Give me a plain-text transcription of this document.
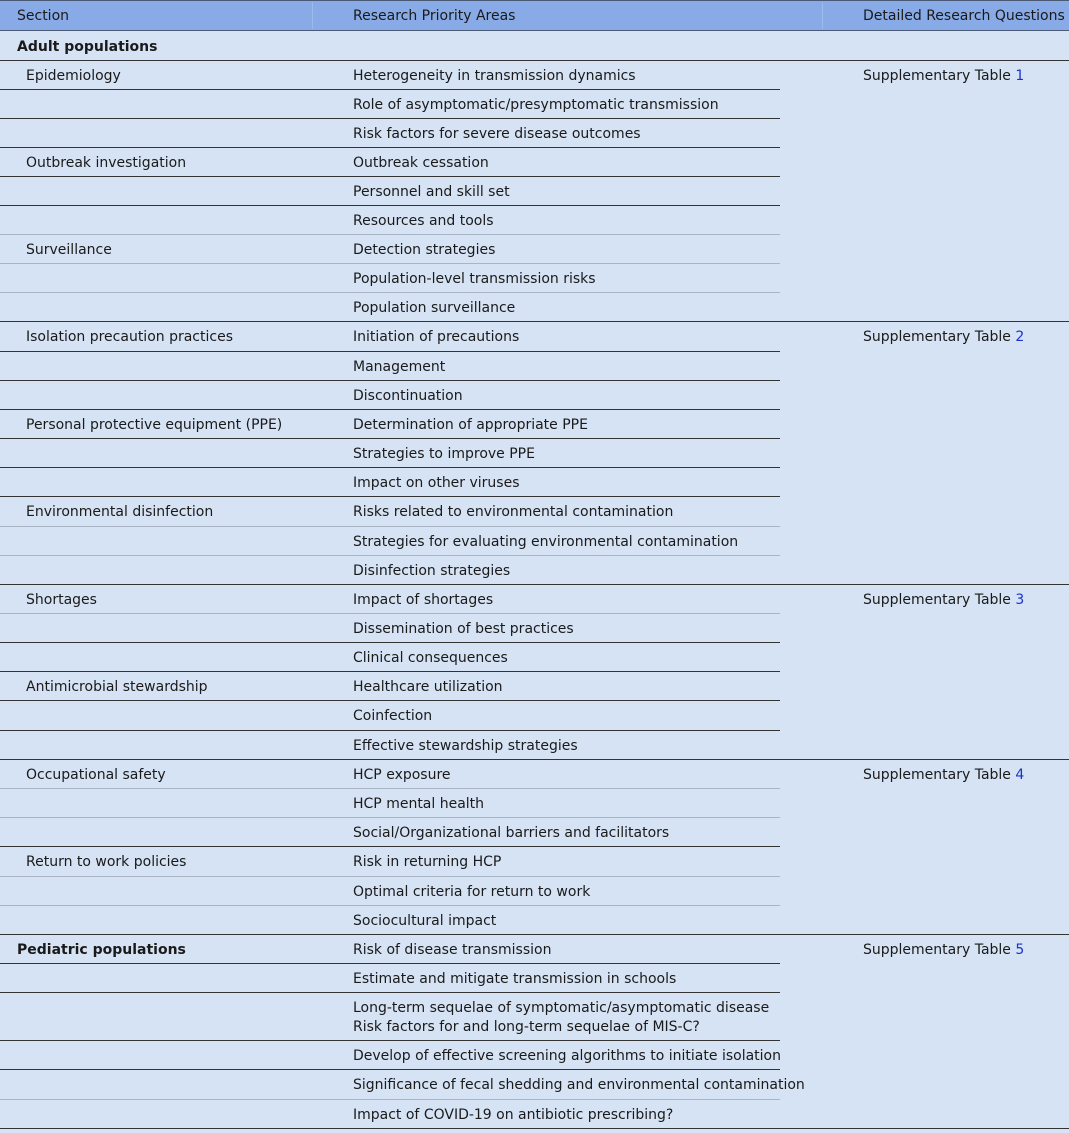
Section	Research Priority Areas	Detailed Research Questions
Adult populations
Epidemiology	Heterogeneity in transmission dynamics	Supplementary Table 1
Role of asymptomatic/presymptomatic transmission
Risk factors for severe disease outcomes
Outbreak investigation	Outbreak cessation
Personnel and skill set
Resources and tools
Surveillance	Detection strategies
Population-level transmission risks
Population surveillance
Isolation precaution practices	Initiation of precautions	Supplementary Table 2
Management
Discontinuation
Personal protective equipment (PPE)	Determination of appropriate PPE
Strategies to improve PPE
Impact on other viruses
Environmental disinfection	Risks related to environmental contamination
Strategies for evaluating environmental contamination
Disinfection strategies
Shortages	Impact of shortages	Supplementary Table 3
Dissemination of best practices
Clinical consequences
Antimicrobial stewardship	Healthcare utilization
Coinfection
Effective stewardship strategies
Occupational safety	HCP exposure	Supplementary Table 4
HCP mental health
Social/Organizational barriers and facilitators
Return to work policies	Risk in returning HCP
Optimal criteria for return to work
Sociocultural impact
Pediatric populations	Risk of disease transmission	Supplementary Table 5
Estimate and mitigate transmission in schools
Long-term sequelae of symptomatic/asymptomatic disease
Risk factors for and long-term sequelae of MIS-C?
Develop of effective screening algorithms to initiate isolation
Significance of fecal shedding and environmental contamination
Impact of COVID-19 on antibiotic prescribing?
